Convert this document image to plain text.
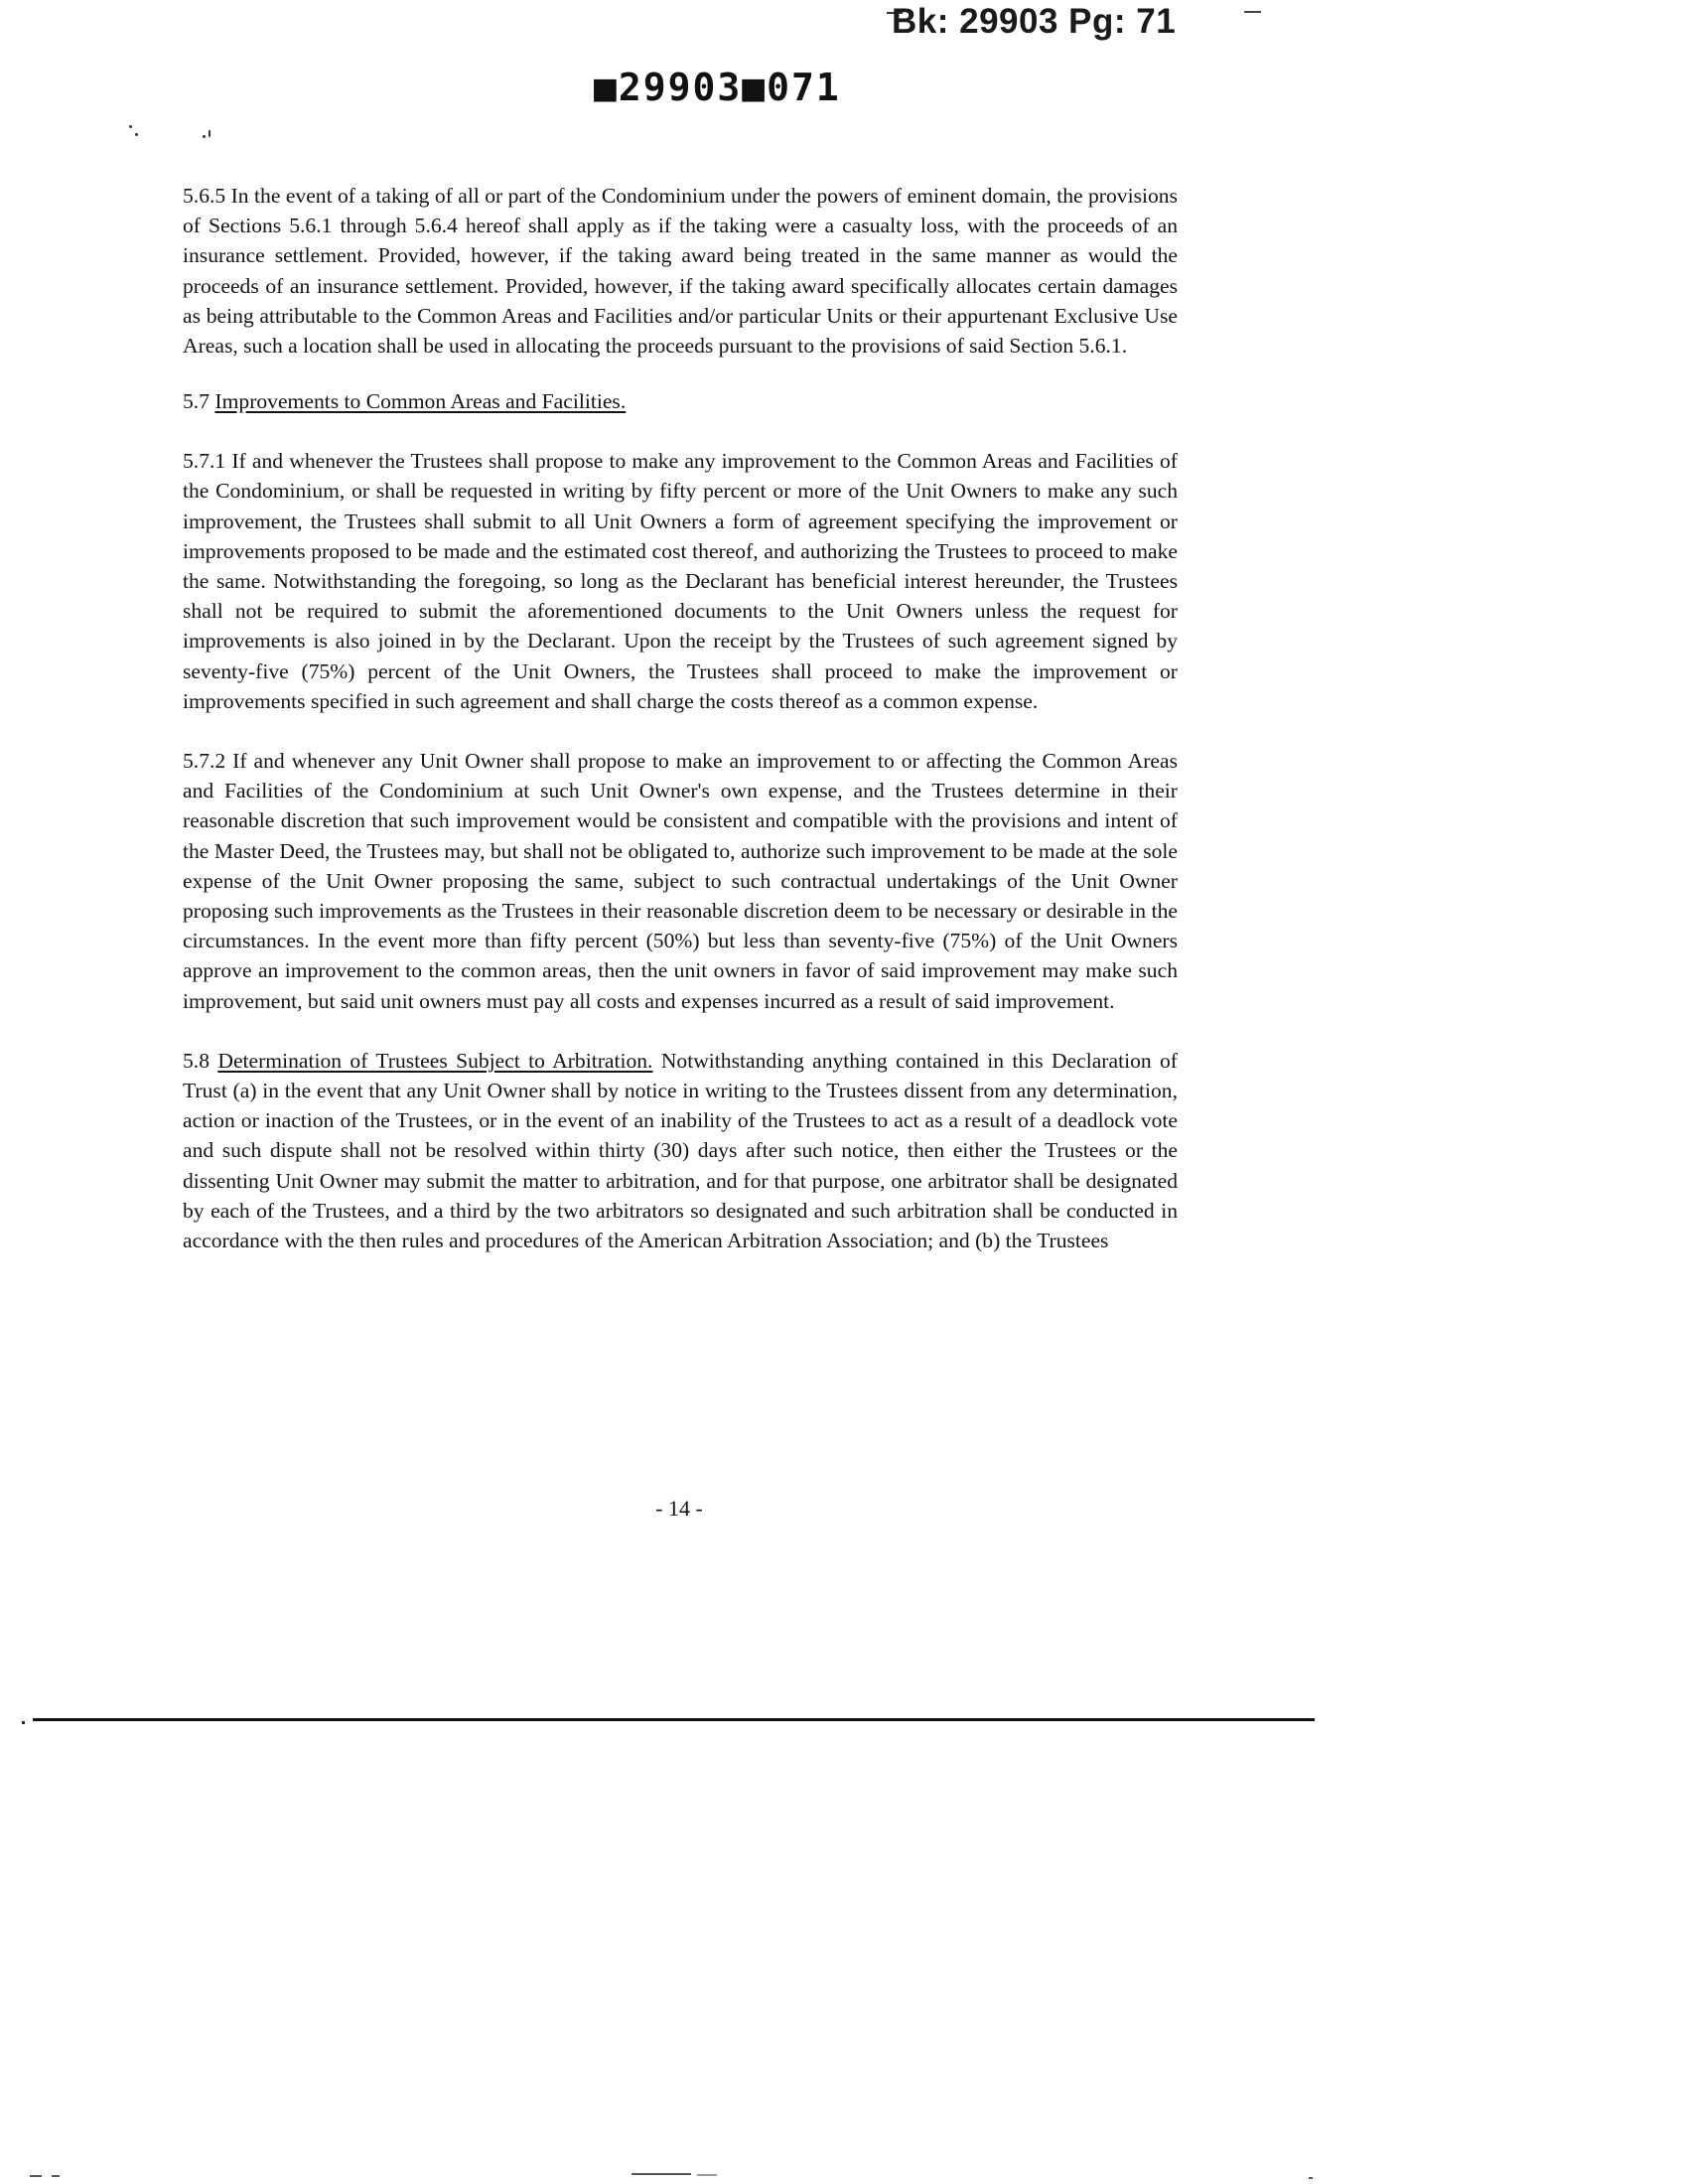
Bk: 29903 Pg: 71
■29903■071

5.6.5 In the event of a taking of all or part of the Condominium under the powers of eminent domain, the provisions of Sections 5.6.1 through 5.6.4 hereof shall apply as if the taking were a casualty loss, with the proceeds of an insurance settlement. Provided, however, if the taking award being treated in the same manner as would the proceeds of an insurance settlement. Provided, however, if the taking award specifically allocates certain damages as being attributable to the Common Areas and Facilities and/or particular Units or their appurtenant Exclusive Use Areas, such a location shall be used in allocating the proceeds pursuant to the provisions of said Section 5.6.1.

5.7 Improvements to Common Areas and Facilities.

5.7.1 If and whenever the Trustees shall propose to make any improvement to the Common Areas and Facilities of the Condominium, or shall be requested in writing by fifty percent or more of the Unit Owners to make any such improvement, the Trustees shall submit to all Unit Owners a form of agreement specifying the improvement or improvements proposed to be made and the estimated cost thereof, and authorizing the Trustees to proceed to make the same. Notwithstanding the foregoing, so long as the Declarant has beneficial interest hereunder, the Trustees shall not be required to submit the aforementioned documents to the Unit Owners unless the request for improvements is also joined in by the Declarant. Upon the receipt by the Trustees of such agreement signed by seventy-five (75%) percent of the Unit Owners, the Trustees shall proceed to make the improvement or improvements specified in such agreement and shall charge the costs thereof as a common expense.

5.7.2 If and whenever any Unit Owner shall propose to make an improvement to or affecting the Common Areas and Facilities of the Condominium at such Unit Owner's own expense, and the Trustees determine in their reasonable discretion that such improvement would be consistent and compatible with the provisions and intent of the Master Deed, the Trustees may, but shall not be obligated to, authorize such improvement to be made at the sole expense of the Unit Owner proposing the same, subject to such contractual undertakings of the Unit Owner proposing such improvements as the Trustees in their reasonable discretion deem to be necessary or desirable in the circumstances. In the event more than fifty percent (50%) but less than seventy-five (75%) of the Unit Owners approve an improvement to the common areas, then the unit owners in favor of said improvement may make such improvement, but said unit owners must pay all costs and expenses incurred as a result of said improvement.

5.8 Determination of Trustees Subject to Arbitration. Notwithstanding anything contained in this Declaration of Trust (a) in the event that any Unit Owner shall by notice in writing to the Trustees dissent from any determination, action or inaction of the Trustees, or in the event of an inability of the Trustees to act as a result of a deadlock vote and such dispute shall not be resolved within thirty (30) days after such notice, then either the Trustees or the dissenting Unit Owner may submit the matter to arbitration, and for that purpose, one arbitrator shall be designated by each of the Trustees, and a third by the two arbitrators so designated and such arbitration shall be conducted in accordance with the then rules and procedures of the American Arbitration Association; and (b) the Trustees

- 14 -
